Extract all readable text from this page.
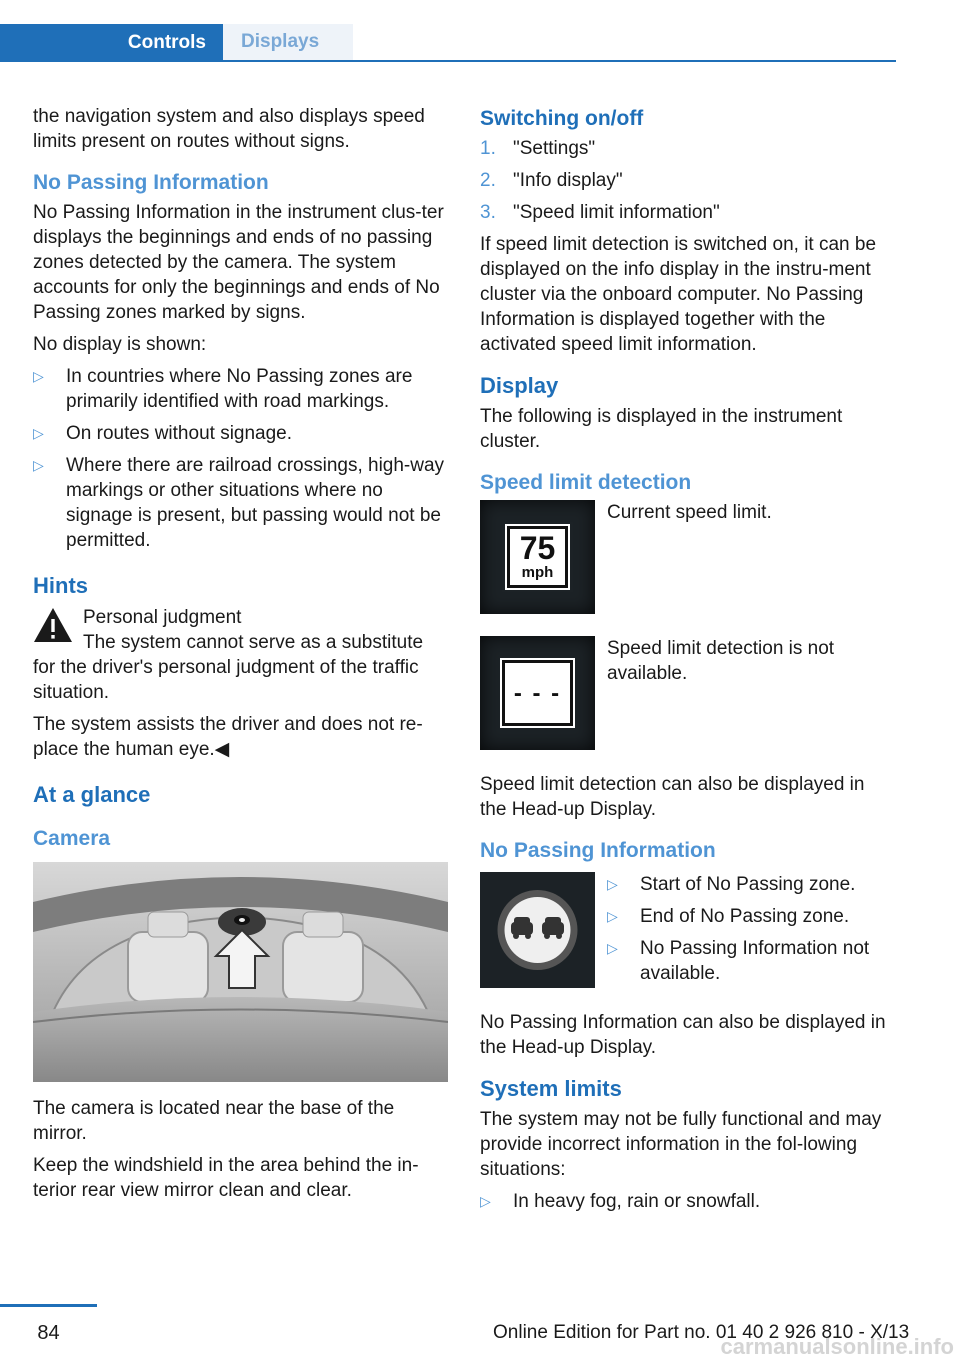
Controls	Displays

the navigation system and also displays speed limits present on routes without signs.

No Passing Information

No Passing Information in the instrument clus-ter displays the beginnings and ends of no passing zones detected by the camera. The system accounts for only the beginnings and ends of No Passing zones marked by signs.

No display is shown:

▷ In countries where No Passing zones are primarily identified with road markings.
▷ On routes without signage.
▷ Where there are railroad crossings, high-way markings or other situations where no signage is present, but passing would not be permitted.
Hints
Personal judgment

The system cannot serve as a substitute for the driver's personal judgment of the traffic situation.

The system assists the driver and does not re-place the human eye.◀

At a glance
Camera

The camera is located near the base of the mirror.

Keep the windshield in the area behind the in-terior rear view mirror clean and clear.

Switching on/off
1. "Settings"
2. "Info display"
3. "Speed limit information"

If speed limit detection is switched on, it can be displayed on the info display in the instru-ment cluster via the onboard computer. No Passing Information is displayed together with the activated speed limit information.

Display

The following is displayed in the instrument cluster.

Speed limit detection
75
mph
Current speed limit.
- - -
Speed limit detection is not available.

Speed limit detection can also be displayed in the Head-up Display.

No Passing Information
▷ Start of No Passing zone.
▷ End of No Passing zone.
▷ No Passing Information not available.

No Passing Information can also be displayed in the Head-up Display.

System limits

The system may not be fully functional and may provide incorrect information in the fol-lowing situations:

▷ In heavy fog, rain or snowfall.
84	Online Edition for Part no. 01 40 2 926 810 - X/13
carmanualsonline.info
